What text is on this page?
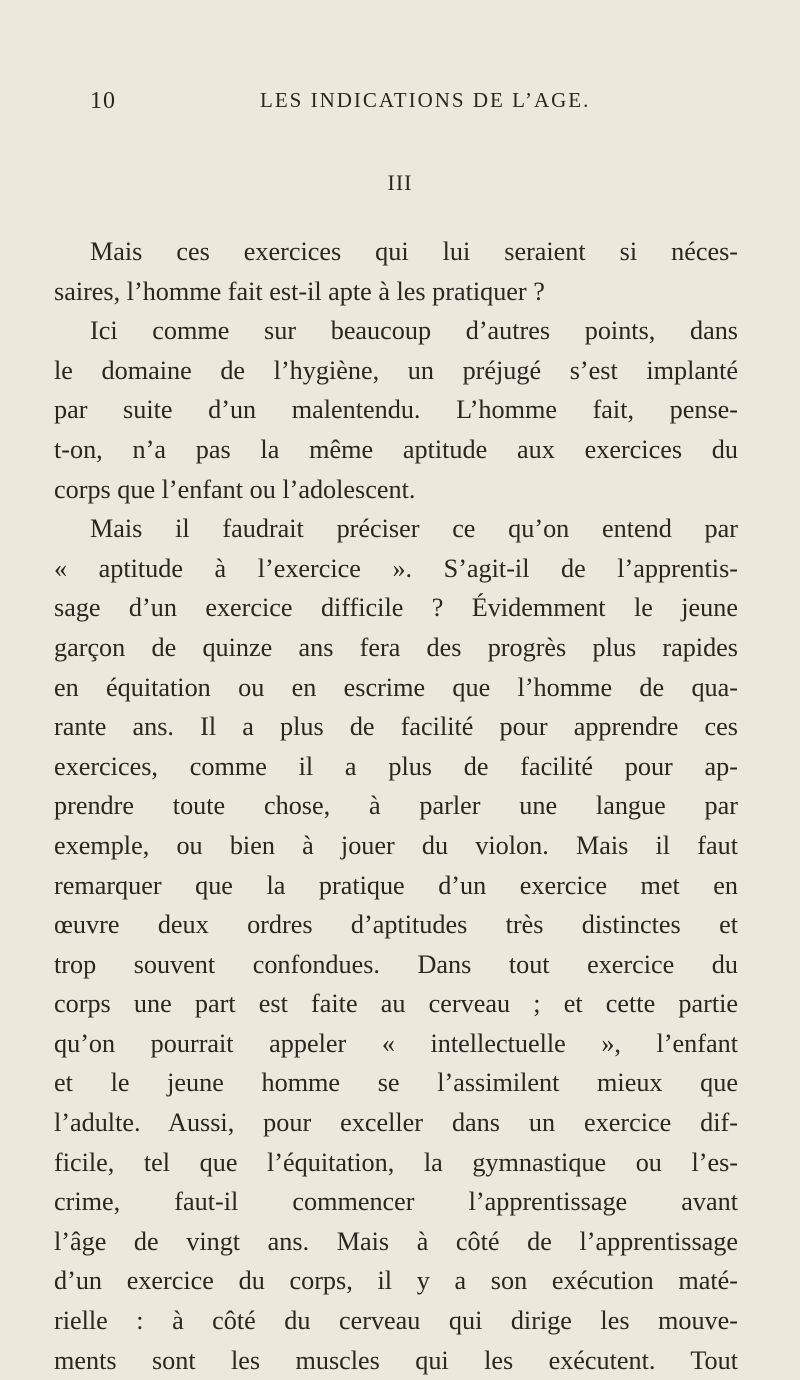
10	LES INDICATIONS DE L’AGE.
III
Mais ces exercices qui lui seraient si néces-
saires, l’homme fait est-il apte à les pratiquer ?
Ici comme sur beaucoup d’autres points, dans
le domaine de l’hygiène, un préjugé s’est implanté
par suite d’un malentendu. L’homme fait, pense-
t-on, n’a pas la même aptitude aux exercices du
corps que l’enfant ou l’adolescent.
Mais il faudrait préciser ce qu’on entend par
« aptitude à l’exercice ». S’agit-il de l’apprentis-
sage d’un exercice difficile ? Évidemment le jeune
garçon de quinze ans fera des progrès plus rapides
en équitation ou en escrime que l’homme de qua-
rante ans. Il a plus de facilité pour apprendre ces
exercices, comme il a plus de facilité pour ap-
prendre toute chose, à parler une langue par
exemple, ou bien à jouer du violon. Mais il faut
remarquer que la pratique d’un exercice met en
œuvre deux ordres d’aptitudes très distinctes et
trop souvent confondues. Dans tout exercice du
corps une part est faite au cerveau ; et cette partie
qu’on pourrait appeler « intellectuelle », l’enfant
et le jeune homme se l’assimilent mieux que
l’adulte. Aussi, pour exceller dans un exercice dif-
ficile, tel que l’équitation, la gymnastique ou l’es-
crime, faut-il commencer l’apprentissage avant
l’âge de vingt ans. Mais à côté de l’apprentissage
d’un exercice du corps, il y a son exécution maté-
rielle : à côté du cerveau qui dirige les mouve-
ments sont les muscles qui les exécutent. Tout
